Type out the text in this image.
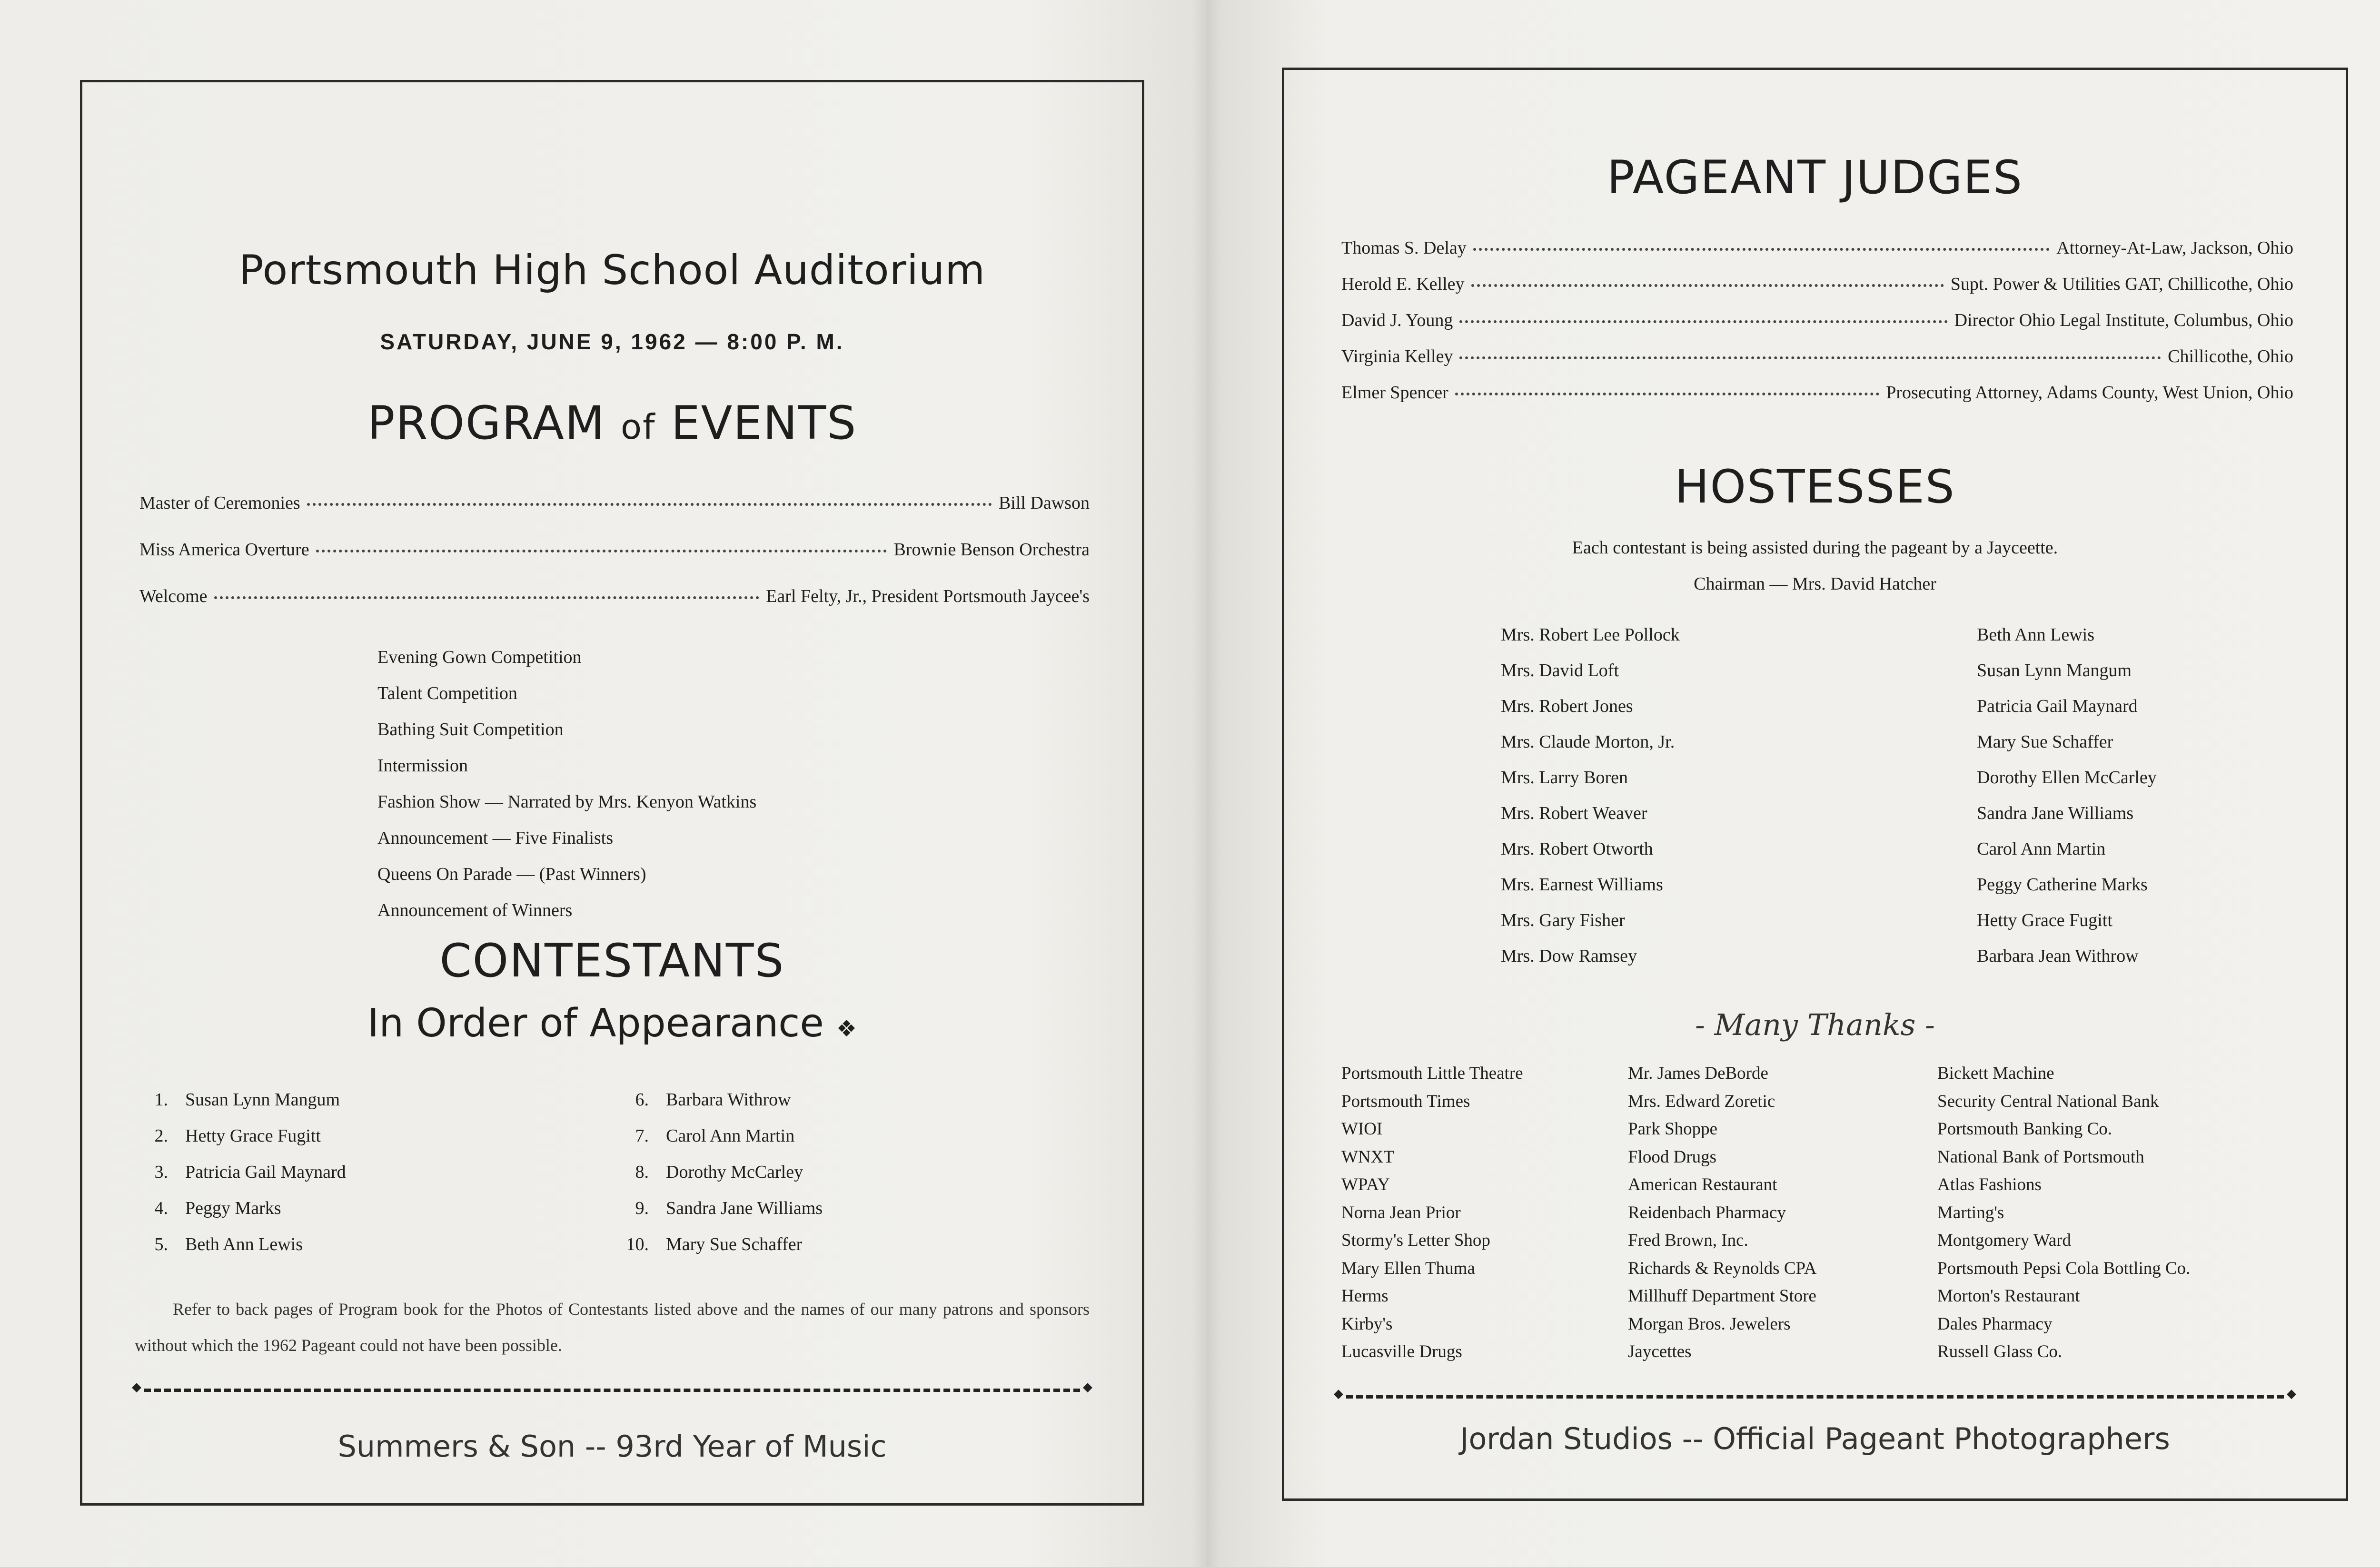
Portsmouth High School Auditorium
SATURDAY, JUNE 9, 1962 — 8:00 P. M.
PROGRAM of EVENTS
Master of Ceremonies	Bill Dawson
Miss America Overture	Brownie Benson Orchestra
Welcome	Earl Felty, Jr., President Portsmouth Jaycee's
Evening Gown Competition
Talent Competition
Bathing Suit Competition
Intermission
Fashion Show — Narrated by Mrs. Kenyon Watkins
Announcement — Five Finalists
Queens On Parade — (Past Winners)
Announcement of Winners
CONTESTANTS
In Order of Appearance ❖
1. Susan Lynn Mangum
2. Hetty Grace Fugitt
3. Patricia Gail Maynard
4. Peggy Marks
5. Beth Ann Lewis
6. Barbara Withrow
7. Carol Ann Martin
8. Dorothy McCarley
9. Sandra Jane Williams
10. Mary Sue Schaffer
Refer to back pages of Program book for the Photos of Contestants listed above and the names of our many patrons and sponsors without which the 1962 Pageant could not have been possible.
◆ ◆
Summers & Son -- 93rd Year of Music
PAGEANT JUDGES
Thomas S. Delay	Attorney-At-Law, Jackson, Ohio
Herold E. Kelley	Supt. Power & Utilities GAT, Chillicothe, Ohio
David J. Young	Director Ohio Legal Institute, Columbus, Ohio
Virginia Kelley	Chillicothe, Ohio
Elmer Spencer	Prosecuting Attorney, Adams County, West Union, Ohio
HOSTESSES
Each contestant is being assisted during the pageant by a Jayceette.
Chairman — Mrs. David Hatcher
Mrs. Robert Lee Pollock
Mrs. David Loft
Mrs. Robert Jones
Mrs. Claude Morton, Jr.
Mrs. Larry Boren
Mrs. Robert Weaver
Mrs. Robert Otworth
Mrs. Earnest Williams
Mrs. Gary Fisher
Mrs. Dow Ramsey
Beth Ann Lewis
Susan Lynn Mangum
Patricia Gail Maynard
Mary Sue Schaffer
Dorothy Ellen McCarley
Sandra Jane Williams
Carol Ann Martin
Peggy Catherine Marks
Hetty Grace Fugitt
Barbara Jean Withrow
- Many Thanks -
Portsmouth Little Theatre
Portsmouth Times
WIOI
WNXT
WPAY
Norna Jean Prior
Stormy's Letter Shop
Mary Ellen Thuma
Herms
Kirby's
Lucasville Drugs
Mr. James DeBorde
Mrs. Edward Zoretic
Park Shoppe
Flood Drugs
American Restaurant
Reidenbach Pharmacy
Fred Brown, Inc.
Richards & Reynolds CPA
Millhuff Department Store
Morgan Bros. Jewelers
Jaycettes
Bickett Machine
Security Central National Bank
Portsmouth Banking Co.
National Bank of Portsmouth
Atlas Fashions
Marting's
Montgomery Ward
Portsmouth Pepsi Cola Bottling Co.
Morton's Restaurant
Dales Pharmacy
Russell Glass Co.
◆ ◆
Jordan Studios -- Official Pageant Photographers
